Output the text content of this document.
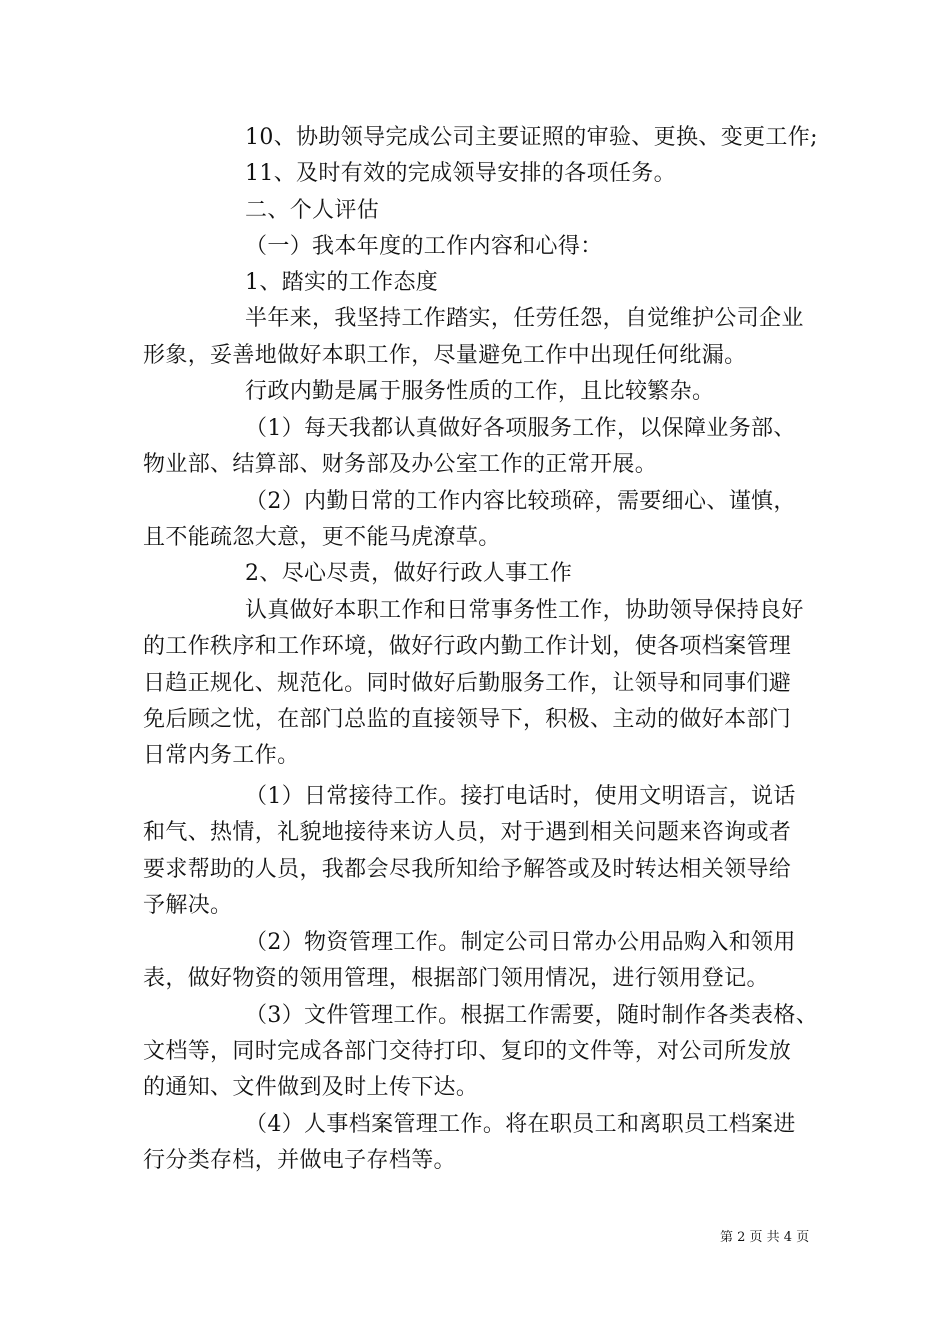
10、协助领导完成公司主要证照的审验、更换、变更工作;
11、及时有效的完成领导安排的各项任务。
二、个人评估
（一）我本年度的工作内容和心得：
1、踏实的工作态度
半年来，我坚持工作踏实，任劳任怨，自觉维护公司企业
形象，妥善地做好本职工作，尽量避免工作中出现任何纰漏。
行政内勤是属于服务性质的工作，且比较繁杂。
（1）每天我都认真做好各项服务工作，以保障业务部、
物业部、结算部、财务部及办公室工作的正常开展。
（2）内勤日常的工作内容比较琐碎，需要细心、谨慎，
且不能疏忽大意，更不能马虎潦草。
2、尽心尽责，做好行政人事工作
认真做好本职工作和日常事务性工作，协助领导保持良好
的工作秩序和工作环境，做好行政内勤工作计划，使各项档案管理
日趋正规化、规范化。同时做好后勤服务工作，让领导和同事们避
免后顾之忧，在部门总监的直接领导下，积极、主动的做好本部门
日常内务工作。
（1）日常接待工作。接打电话时，使用文明语言，说话
和气、热情，礼貌地接待来访人员，对于遇到相关问题来咨询或者
要求帮助的人员，我都会尽我所知给予解答或及时转达相关领导给
予解决。
（2）物资管理工作。制定公司日常办公用品购入和领用
表，做好物资的领用管理，根据部门领用情况，进行领用登记。
（3）文件管理工作。根据工作需要，随时制作各类表格、
文档等，同时完成各部门交待打印、复印的文件等，对公司所发放
的通知、文件做到及时上传下达。
（4）人事档案管理工作。将在职员工和离职员工档案进
行分类存档，并做电子存档等。
第 2 页 共 4 页
